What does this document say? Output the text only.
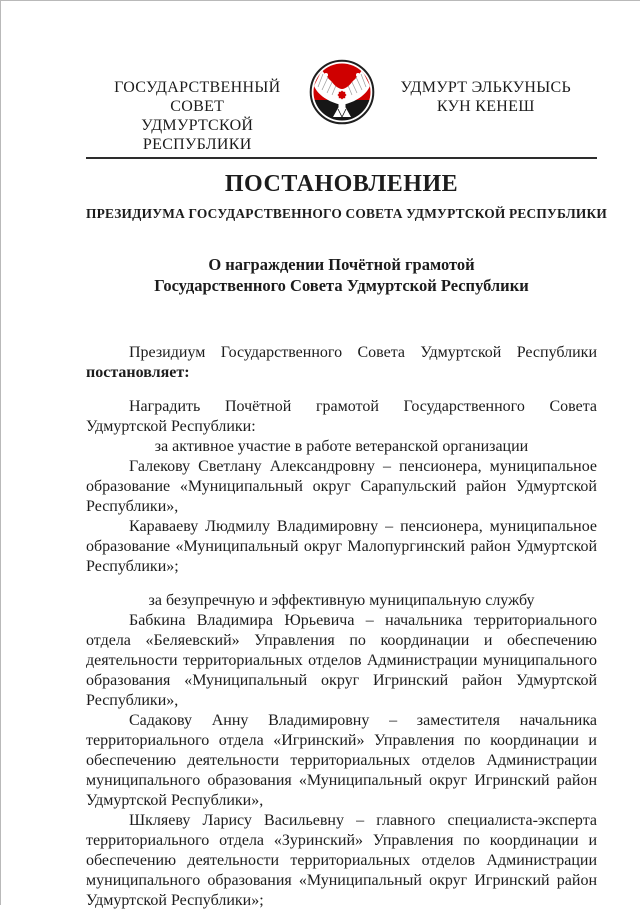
ГОСУДАРСТВЕННЫЙ СОВЕТ
УДМУРТСКОЙ РЕСПУБЛИКИ
УДМУРТ ЭЛЬКУНЫСЬ
КУН КЕНЕШ
ПОСТАНОВЛЕНИЕ
ПРЕЗИДИУМА ГОСУДАРСТВЕННОГО СОВЕТА УДМУРТСКОЙ РЕСПУБЛИКИ
О награждении Почётной грамотой
Государственного Совета Удмуртской Республики

Президиум Государственного Совета Удмуртской Республики постановляет:

Наградить Почётной грамотой Государственного Совета Удмуртской Республики:

за активное участие в работе ветеранской организации

Галекову Светлану Александровну – пенсионера, муниципальное образование «Муниципальный округ Сарапульский район Удмуртской Республики»,

Караваеву Людмилу Владимировну – пенсионера, муниципальное образование «Муниципальный округ Малопургинский район Удмуртской Республики»;

за безупречную и эффективную муниципальную службу

Бабкина Владимира Юрьевича – начальника территориального отдела «Беляевский» Управления по координации и обеспечению деятельности территориальных отделов Администрации муниципального образования «Муниципальный округ Игринский район Удмуртской Республики»,

Садакову Анну Владимировну – заместителя начальника территориального отдела «Игринский» Управления по координации и обеспечению деятельности территориальных отделов Администрации муниципального образования «Муниципальный округ Игринский район Удмуртской Республики»,

Шкляеву Ларису Васильевну – главного специалиста-эксперта территориального отдела «Зуринский» Управления по координации и обеспечению деятельности территориальных отделов Администрации муниципального образования «Муниципальный округ Игринский район Удмуртской Республики»;
